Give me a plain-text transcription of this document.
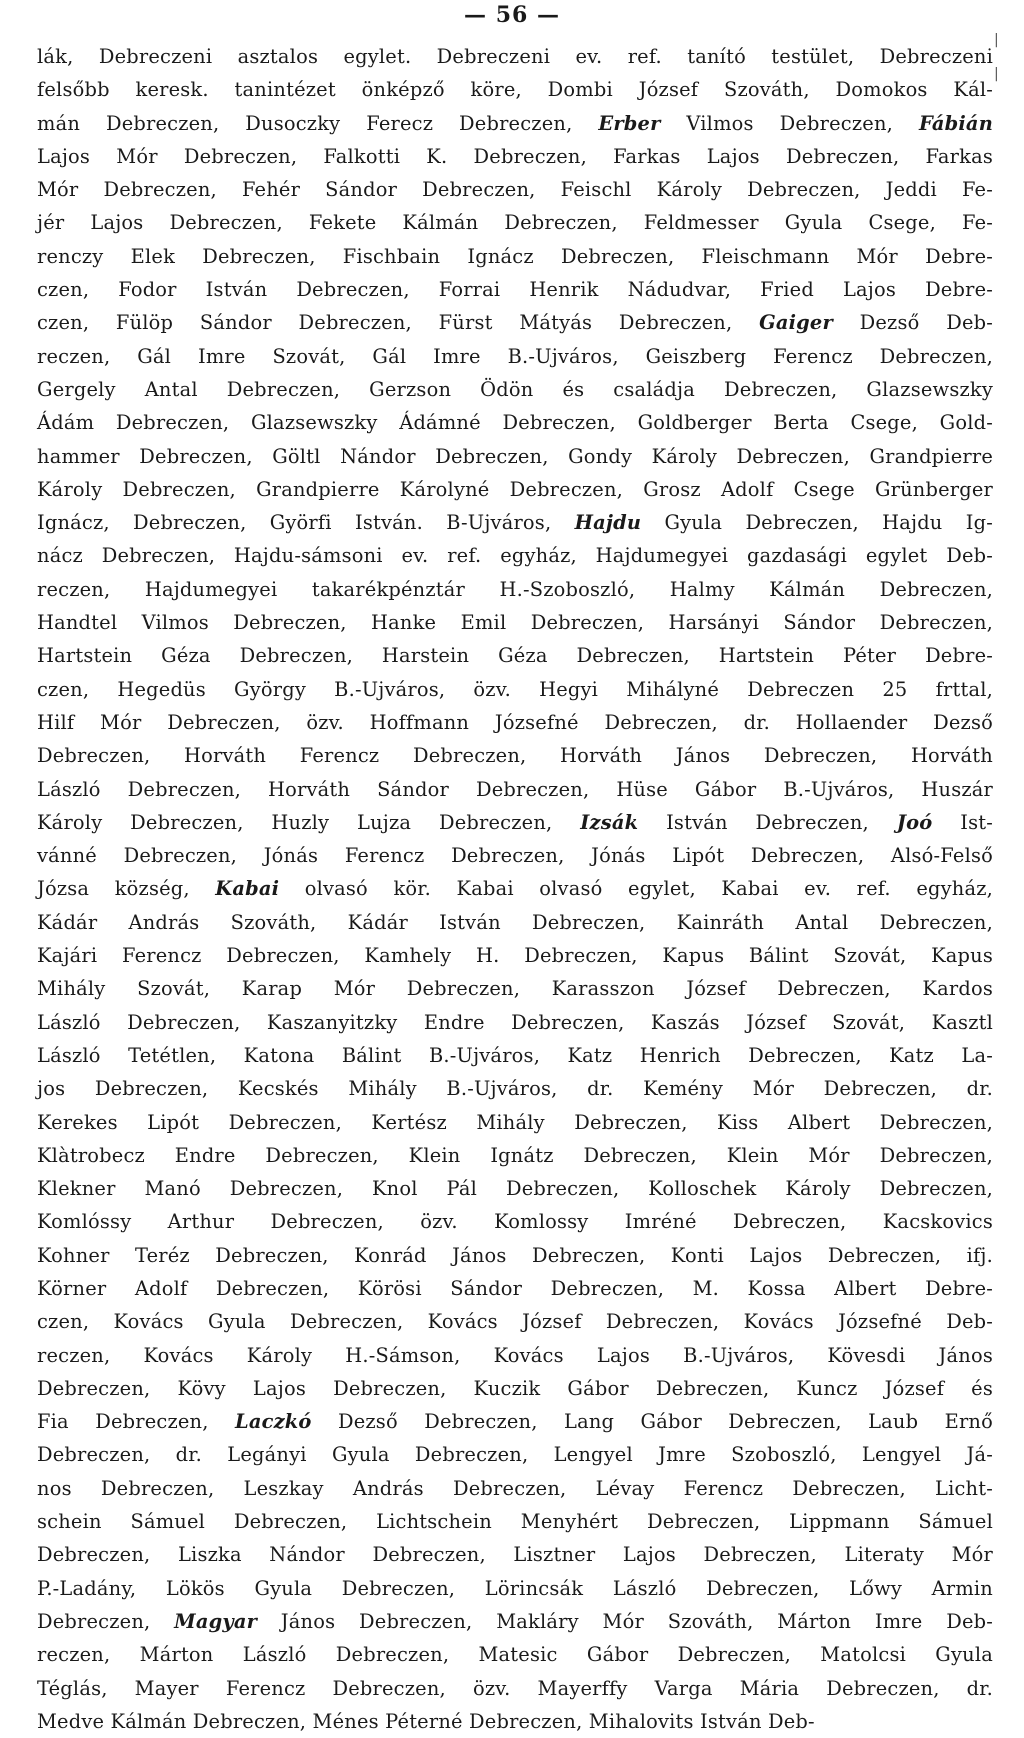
— 56 —
lák, Debreczeni asztalos egylet. Debreczeni ev. ref. tanító testület, Debreczeni
felsőbb keresk. tanintézet önképző köre, Dombi József Szováth, Domokos Kál-
mán Debreczen, Dusoczky Ferecz Debreczen, Erber Vilmos Debreczen, Fábián
Lajos Mór Debreczen, Falkotti K. Debreczen, Farkas Lajos Debreczen, Farkas
Mór Debreczen, Fehér Sándor Debreczen, Feischl Károly Debreczen, Jeddi Fe-
jér Lajos Debreczen, Fekete Kálmán Debreczen, Feldmesser Gyula Csege, Fe-
renczy Elek Debreczen, Fischbain Ignácz Debreczen, Fleischmann Mór Debre-
czen, Fodor István Debreczen, Forrai Henrik Nádudvar, Fried Lajos Debre-
czen, Fülöp Sándor Debreczen, Fürst Mátyás Debreczen, Gaiger Dezső Deb-
reczen, Gál Imre Szovát, Gál Imre B.-Ujváros, Geiszberg Ferencz Debreczen,
Gergely Antal Debreczen, Gerzson Ödön és családja Debreczen, Glazsewszky
Ádám Debreczen, Glazsewszky Ádámné Debreczen, Goldberger Berta Csege, Gold-
hammer Debreczen, Göltl Nándor Debreczen, Gondy Károly Debreczen, Grandpierre
Károly Debreczen, Grandpierre Károlyné Debreczen, Grosz Adolf Csege Grünberger
Ignácz, Debreczen, Györfi István. B-Ujváros, Hajdu Gyula Debreczen, Hajdu Ig-
nácz Debreczen, Hajdu-sámsoni ev. ref. egyház, Hajdumegyei gazdasági egylet Deb-
reczen, Hajdumegyei takarékpénztár H.-Szoboszló, Halmy Kálmán Debreczen,
Handtel Vilmos Debreczen, Hanke Emil Debreczen, Harsányi Sándor Debreczen,
Hartstein Géza Debreczen, Harstein Géza Debreczen, Hartstein Péter Debre-
czen, Hegedüs György B.-Ujváros, özv. Hegyi Mihályné Debreczen 25 frttal,
Hilf Mór Debreczen, özv. Hoffmann Józsefné Debreczen, dr. Hollaender Dezső
Debreczen, Horváth Ferencz Debreczen, Horváth János Debreczen, Horváth
László Debreczen, Horváth Sándor Debreczen, Hüse Gábor B.-Ujváros, Huszár
Károly Debreczen, Huzly Lujza Debreczen, Izsák István Debreczen, Joó Ist-
vánné Debreczen, Jónás Ferencz Debreczen, Jónás Lipót Debreczen, Alsó-Felső
Józsa község, Kabai olvasó kör. Kabai olvasó egylet, Kabai ev. ref. egyház,
Kádár András Szováth, Kádár István Debreczen, Kainráth Antal Debreczen,
Kajári Ferencz Debreczen, Kamhely H. Debreczen, Kapus Bálint Szovát, Kapus
Mihály Szovát, Karap Mór Debreczen, Karasszon József Debreczen, Kardos
László Debreczen, Kaszanyitzky Endre Debreczen, Kaszás József Szovát, Kasztl
László Tetétlen, Katona Bálint B.-Ujváros, Katz Henrich Debreczen, Katz La-
jos Debreczen, Kecskés Mihály B.-Ujváros, dr. Kemény Mór Debreczen, dr.
Kerekes Lipót Debreczen, Kertész Mihály Debreczen, Kiss Albert Debreczen,
Klàtrobecz Endre Debreczen, Klein Ignátz Debreczen, Klein Mór Debreczen,
Klekner Manó Debreczen, Knol Pál Debreczen, Kolloschek Károly Debreczen,
Komlóssy Arthur Debreczen, özv. Komlossy Imréné Debreczen, Kacskovics
Kohner Teréz Debreczen, Konrád János Debreczen, Konti Lajos Debreczen, ifj.
Körner Adolf Debreczen, Körösi Sándor Debreczen, M. Kossa Albert Debre-
czen, Kovács Gyula Debreczen, Kovács József Debreczen, Kovács Józsefné Deb-
reczen, Kovács Károly H.-Sámson, Kovács Lajos B.-Ujváros, Kövesdi János
Debreczen, Kövy Lajos Debreczen, Kuczik Gábor Debreczen, Kuncz József és
Fia Debreczen, Laczkó Dezső Debreczen, Lang Gábor Debreczen, Laub Ernő
Debreczen, dr. Legányi Gyula Debreczen, Lengyel Jmre Szoboszló, Lengyel Já-
nos Debreczen, Leszkay András Debreczen, Lévay Ferencz Debreczen, Licht-
schein Sámuel Debreczen, Lichtschein Menyhért Debreczen, Lippmann Sámuel
Debreczen, Liszka Nándor Debreczen, Lisztner Lajos Debreczen, Literaty Mór
P.-Ladány, Lökös Gyula Debreczen, Lörincsák László Debreczen, Lőwy Armin
Debreczen, Magyar János Debreczen, Makláry Mór Szováth, Márton Imre Deb-
reczen, Márton László Debreczen, Matesic Gábor Debreczen, Matolcsi Gyula
Téglás, Mayer Ferencz Debreczen, özv. Mayerffy Varga Mária Debreczen, dr.
Medve Kálmán Debreczen, Ménes Péterné Debreczen, Mihalovits István Deb-
|
|
